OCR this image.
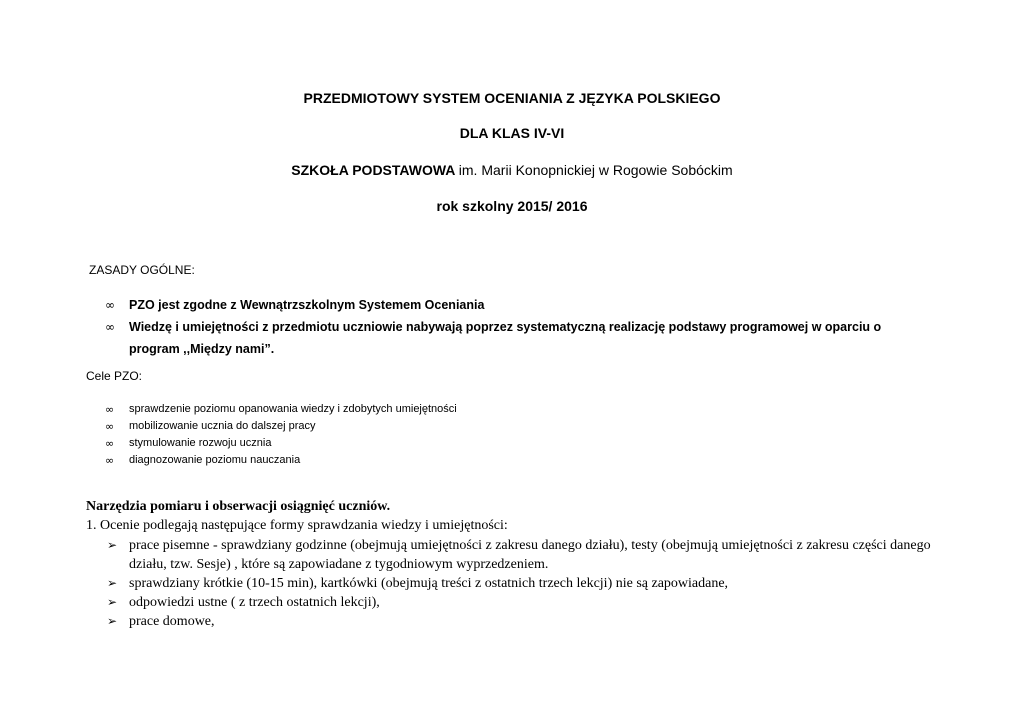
PRZEDMIOTOWY SYSTEM OCENIANIA Z JĘZYKA POLSKIEGO
DLA KLAS IV-VI
SZKOŁA PODSTAWOWA im. Marii Konopnickiej w Rogowie Sobóckim
rok szkolny 2015/ 2016
ZASADY OGÓLNE:
∞ PZO jest zgodne z Wewnątrzszkolnym Systemem Oceniania
∞ Wiedzę i umiejętności z przedmiotu uczniowie nabywają poprzez systematyczną realizację podstawy programowej w oparciu o program ,,Między nami”.
Cele PZO:
∞ sprawdzenie poziomu opanowania wiedzy i zdobytych umiejętności
∞ mobilizowanie ucznia do dalszej pracy
∞ stymulowanie rozwoju ucznia
∞ diagnozowanie poziomu nauczania
Narzędzia pomiaru i obserwacji osiągnięć uczniów.
1. Ocenie podlegają następujące formy sprawdzania wiedzy i umiejętności:
➢ prace pisemne - sprawdziany godzinne (obejmują umiejętności z zakresu danego działu), testy (obejmują umiejętności z zakresu części danego działu, tzw. Sesje) , które są zapowiadane z tygodniowym wyprzedzeniem.
➢ sprawdziany krótkie (10-15 min), kartkówki (obejmują treści z ostatnich trzech lekcji) nie są zapowiadane,
➢ odpowiedzi ustne ( z trzech ostatnich lekcji),
➢ prace domowe,
